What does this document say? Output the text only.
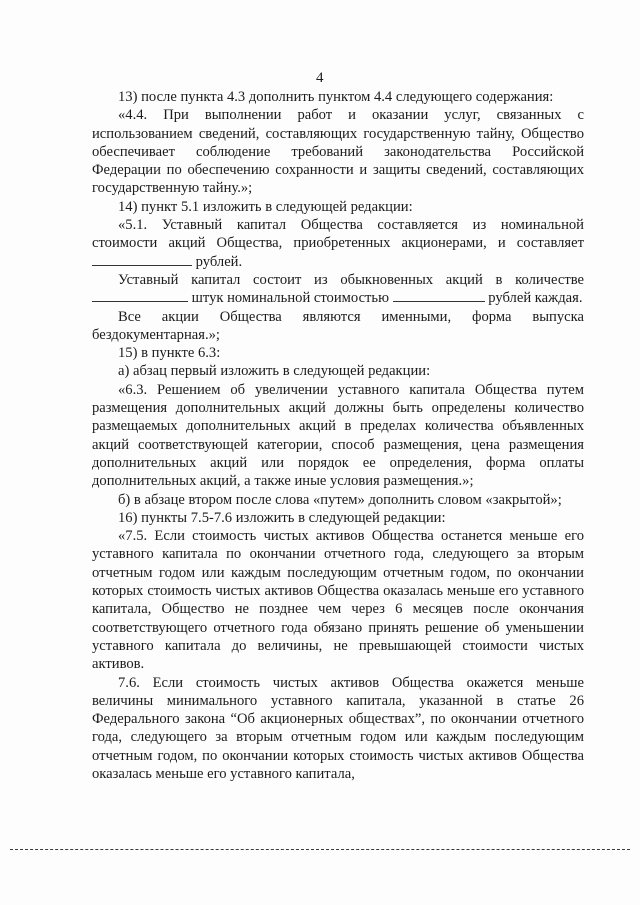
4

13) после пункта 4.3 дополнить пунктом 4.4 следующего содержания:

«4.4. При выполнении работ и оказании услуг, связанных с использованием сведений, составляющих государственную тайну, Общество обеспечивает соблюдение требований законодательства Российской Федерации по обеспечению сохранности и защиты сведений, составляющих государственную тайну.»;

14) пункт 5.1 изложить в следующей редакции:

«5.1. Уставный капитал Общества составляется из номинальной стоимости акций Общества, приобретенных акционерами, и составляет  рублей.

Уставный капитал состоит из обыкновенных акций в количестве  штук номинальной стоимостью	рублей каждая.

Все акции Общества являются именными, форма выпуска бездокументарная.»;

15) в пункте 6.3:

а) абзац первый изложить в следующей редакции:

«6.3. Решением об увеличении уставного капитала Общества путем размещения дополнительных акций должны быть определены количество размещаемых дополнительных акций в пределах количества объявленных акций соответствующей категории, способ размещения, цена размещения дополнительных акций или порядок ее определения, форма оплаты дополнительных акций, а также иные условия размещения.»;

б) в абзаце втором после слова «путем» дополнить словом «закрытой»;

16) пункты 7.5-7.6 изложить в следующей редакции:

«7.5. Если стоимость чистых активов Общества останется меньше его уставного капитала по окончании отчетного года, следующего за вторым отчетным годом или каждым последующим отчетным годом, по окончании которых стоимость чистых активов Общества оказалась меньше его уставного капитала, Общество не позднее чем через 6 месяцев после окончания соответствующего отчетного года обязано принять решение об уменьшении уставного капитала до величины, не превышающей стоимости чистых активов.

7.6. Если стоимость чистых активов Общества окажется меньше величины минимального уставного капитала, указанной в статье 26 Федерального закона “Об акционерных обществах”, по окончании отчетного года, следующего за вторым отчетным годом или каждым последующим отчетным годом, по окончании которых стоимость чистых активов Общества оказалась меньше его уставного капитала,
